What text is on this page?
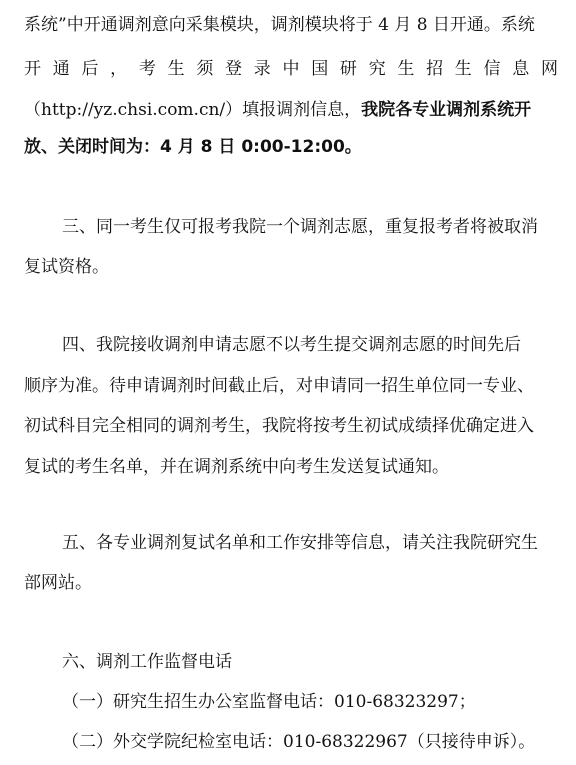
系统”中开通调剂意向采集模块，调剂模块将于 4 月 8 日开通。系统
开 通 后 ， 考 生 须 登 录 中 国 研 究 生 招 生 信 息 网
（http://yz.chsi.com.cn/）填报调剂信息，我院各专业调剂系统开
放、关闭时间为：4 月 8 日 0:00-12:00。
三、同一考生仅可报考我院一个调剂志愿，重复报考者将被取消
复试资格。
四、我院接收调剂申请志愿不以考生提交调剂志愿的时间先后
顺序为准。待申请调剂时间截止后，对申请同一招生单位同一专业、
初试科目完全相同的调剂考生，我院将按考生初试成绩择优确定进入
复试的考生名单，并在调剂系统中向考生发送复试通知。
五、各专业调剂复试名单和工作安排等信息，请关注我院研究生
部网站。
六、调剂工作监督电话
（一）研究生招生办公室监督电话：010-68323297；
（二）外交学院纪检室电话：010-68322967（只接待申诉）。
